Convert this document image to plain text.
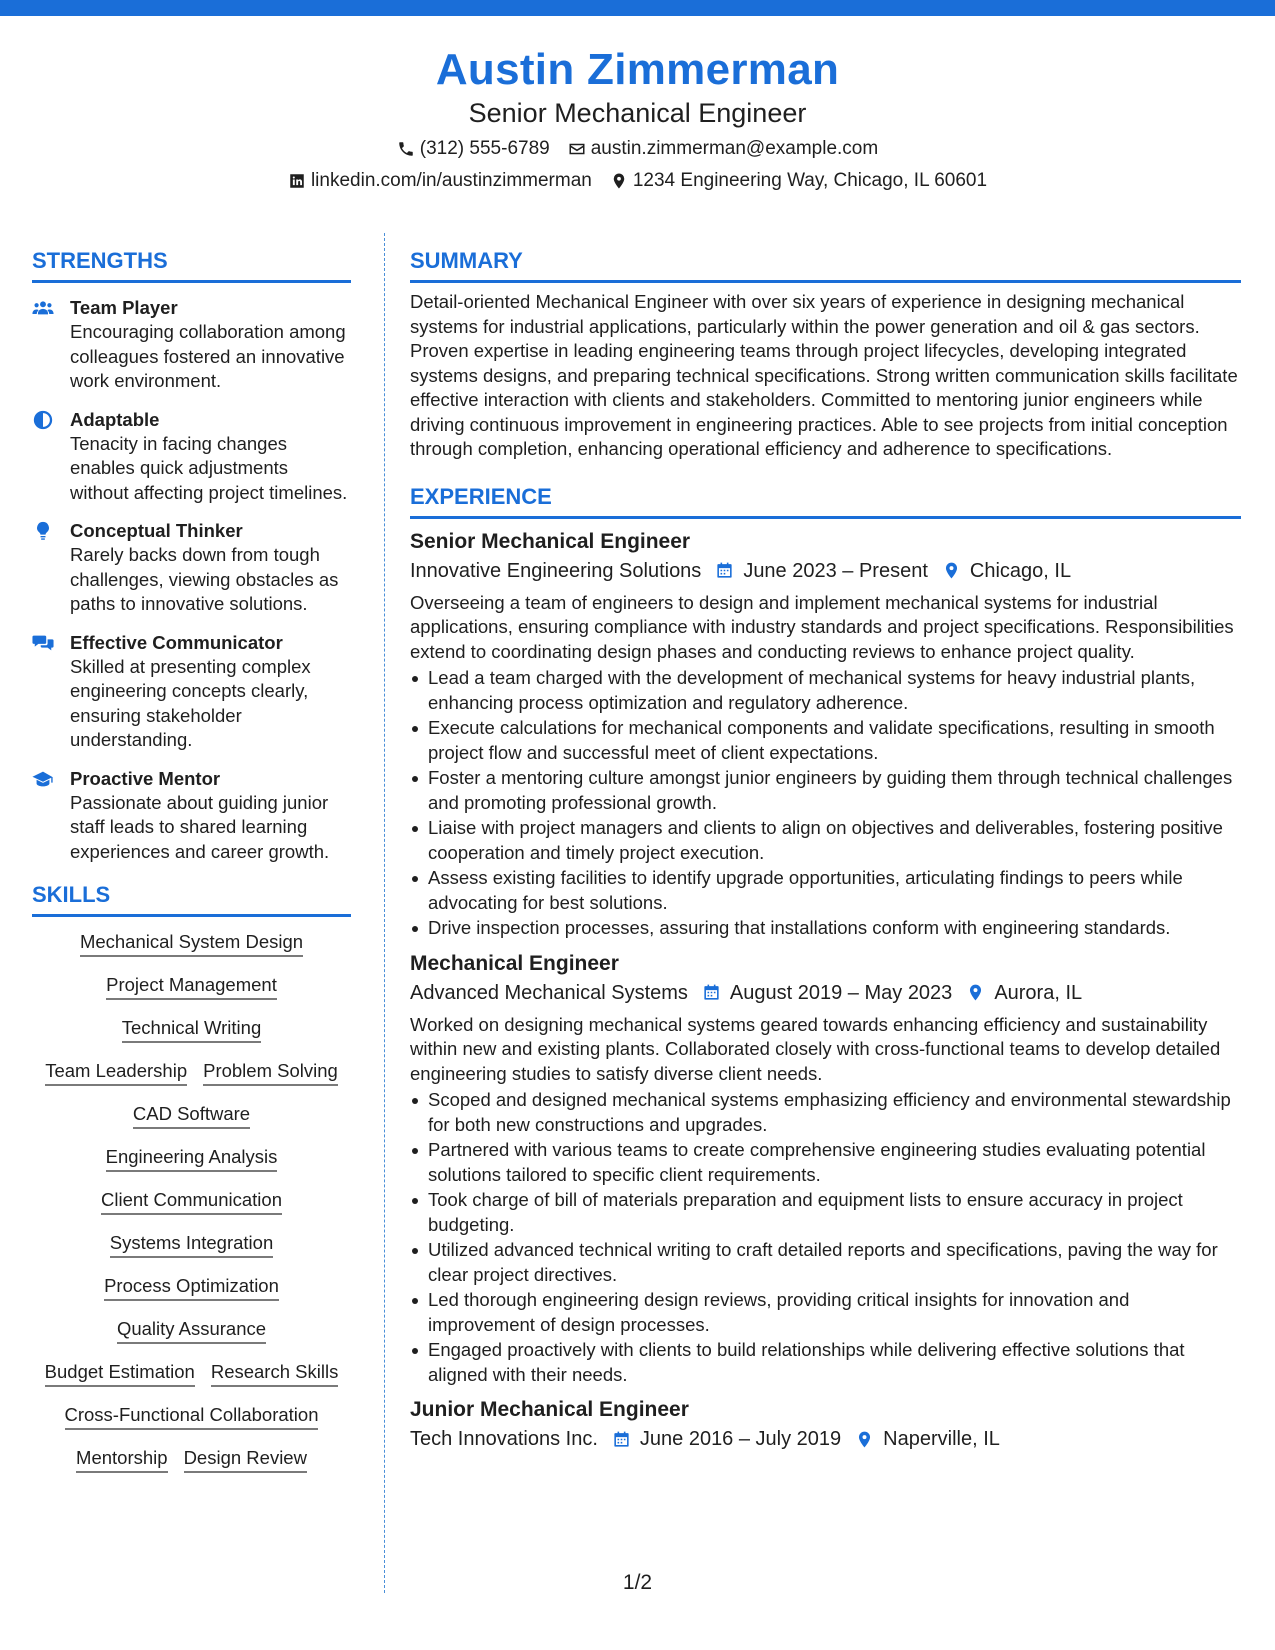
Austin Zimmerman
Senior Mechanical Engineer
(312) 555-6789 austin.zimmerman@example.com
linkedin.com/in/austinzimmerman 1234 Engineering Way, Chicago, IL 60601
STRENGTHS
Team Player
Encouraging collaboration among colleagues fostered an innovative work environment.
Adaptable
Tenacity in facing changes enables quick adjustments without affecting project timelines.
Conceptual Thinker
Rarely backs down from tough challenges, viewing obstacles as paths to innovative solutions.
Effective Communicator
Skilled at presenting complex engineering concepts clearly, ensuring stakeholder understanding.
Proactive Mentor
Passionate about guiding junior staff leads to shared learning experiences and career growth.
SKILLS
Mechanical System Design
Project Management
Technical Writing
Team Leadership Problem Solving
CAD Software
Engineering Analysis
Client Communication
Systems Integration
Process Optimization
Quality Assurance
Budget Estimation Research Skills
Cross-Functional Collaboration
Mentorship Design Review
SUMMARY
Detail-oriented Mechanical Engineer with over six years of experience in designing mechanical systems for industrial applications, particularly within the power generation and oil & gas sectors. Proven expertise in leading engineering teams through project lifecycles, developing integrated systems designs, and preparing technical specifications. Strong written communication skills facilitate effective interaction with clients and stakeholders. Committed to mentoring junior engineers while driving continuous improvement in engineering practices. Able to see projects from initial conception through completion, enhancing operational efficiency and adherence to specifications.
EXPERIENCE
Senior Mechanical Engineer
Innovative Engineering Solutions June 2023 – Present Chicago, IL
Overseeing a team of engineers to design and implement mechanical systems for industrial applications, ensuring compliance with industry standards and project specifications. Responsibilities extend to coordinating design phases and conducting reviews to enhance project quality.
Lead a team charged with the development of mechanical systems for heavy industrial plants, enhancing process optimization and regulatory adherence.
Execute calculations for mechanical components and validate specifications, resulting in smooth project flow and successful meet of client expectations.
Foster a mentoring culture amongst junior engineers by guiding them through technical challenges and promoting professional growth.
Liaise with project managers and clients to align on objectives and deliverables, fostering positive cooperation and timely project execution.
Assess existing facilities to identify upgrade opportunities, articulating findings to peers while advocating for best solutions.
Drive inspection processes, assuring that installations conform with engineering standards.
Mechanical Engineer
Advanced Mechanical Systems August 2019 – May 2023 Aurora, IL
Worked on designing mechanical systems geared towards enhancing efficiency and sustainability within new and existing plants. Collaborated closely with cross-functional teams to develop detailed engineering studies to satisfy diverse client needs.
Scoped and designed mechanical systems emphasizing efficiency and environmental stewardship for both new constructions and upgrades.
Partnered with various teams to create comprehensive engineering studies evaluating potential solutions tailored to specific client requirements.
Took charge of bill of materials preparation and equipment lists to ensure accuracy in project budgeting.
Utilized advanced technical writing to craft detailed reports and specifications, paving the way for clear project directives.
Led thorough engineering design reviews, providing critical insights for innovation and improvement of design processes.
Engaged proactively with clients to build relationships while delivering effective solutions that aligned with their needs.
Junior Mechanical Engineer
Tech Innovations Inc. June 2016 – July 2019 Naperville, IL
1/2
